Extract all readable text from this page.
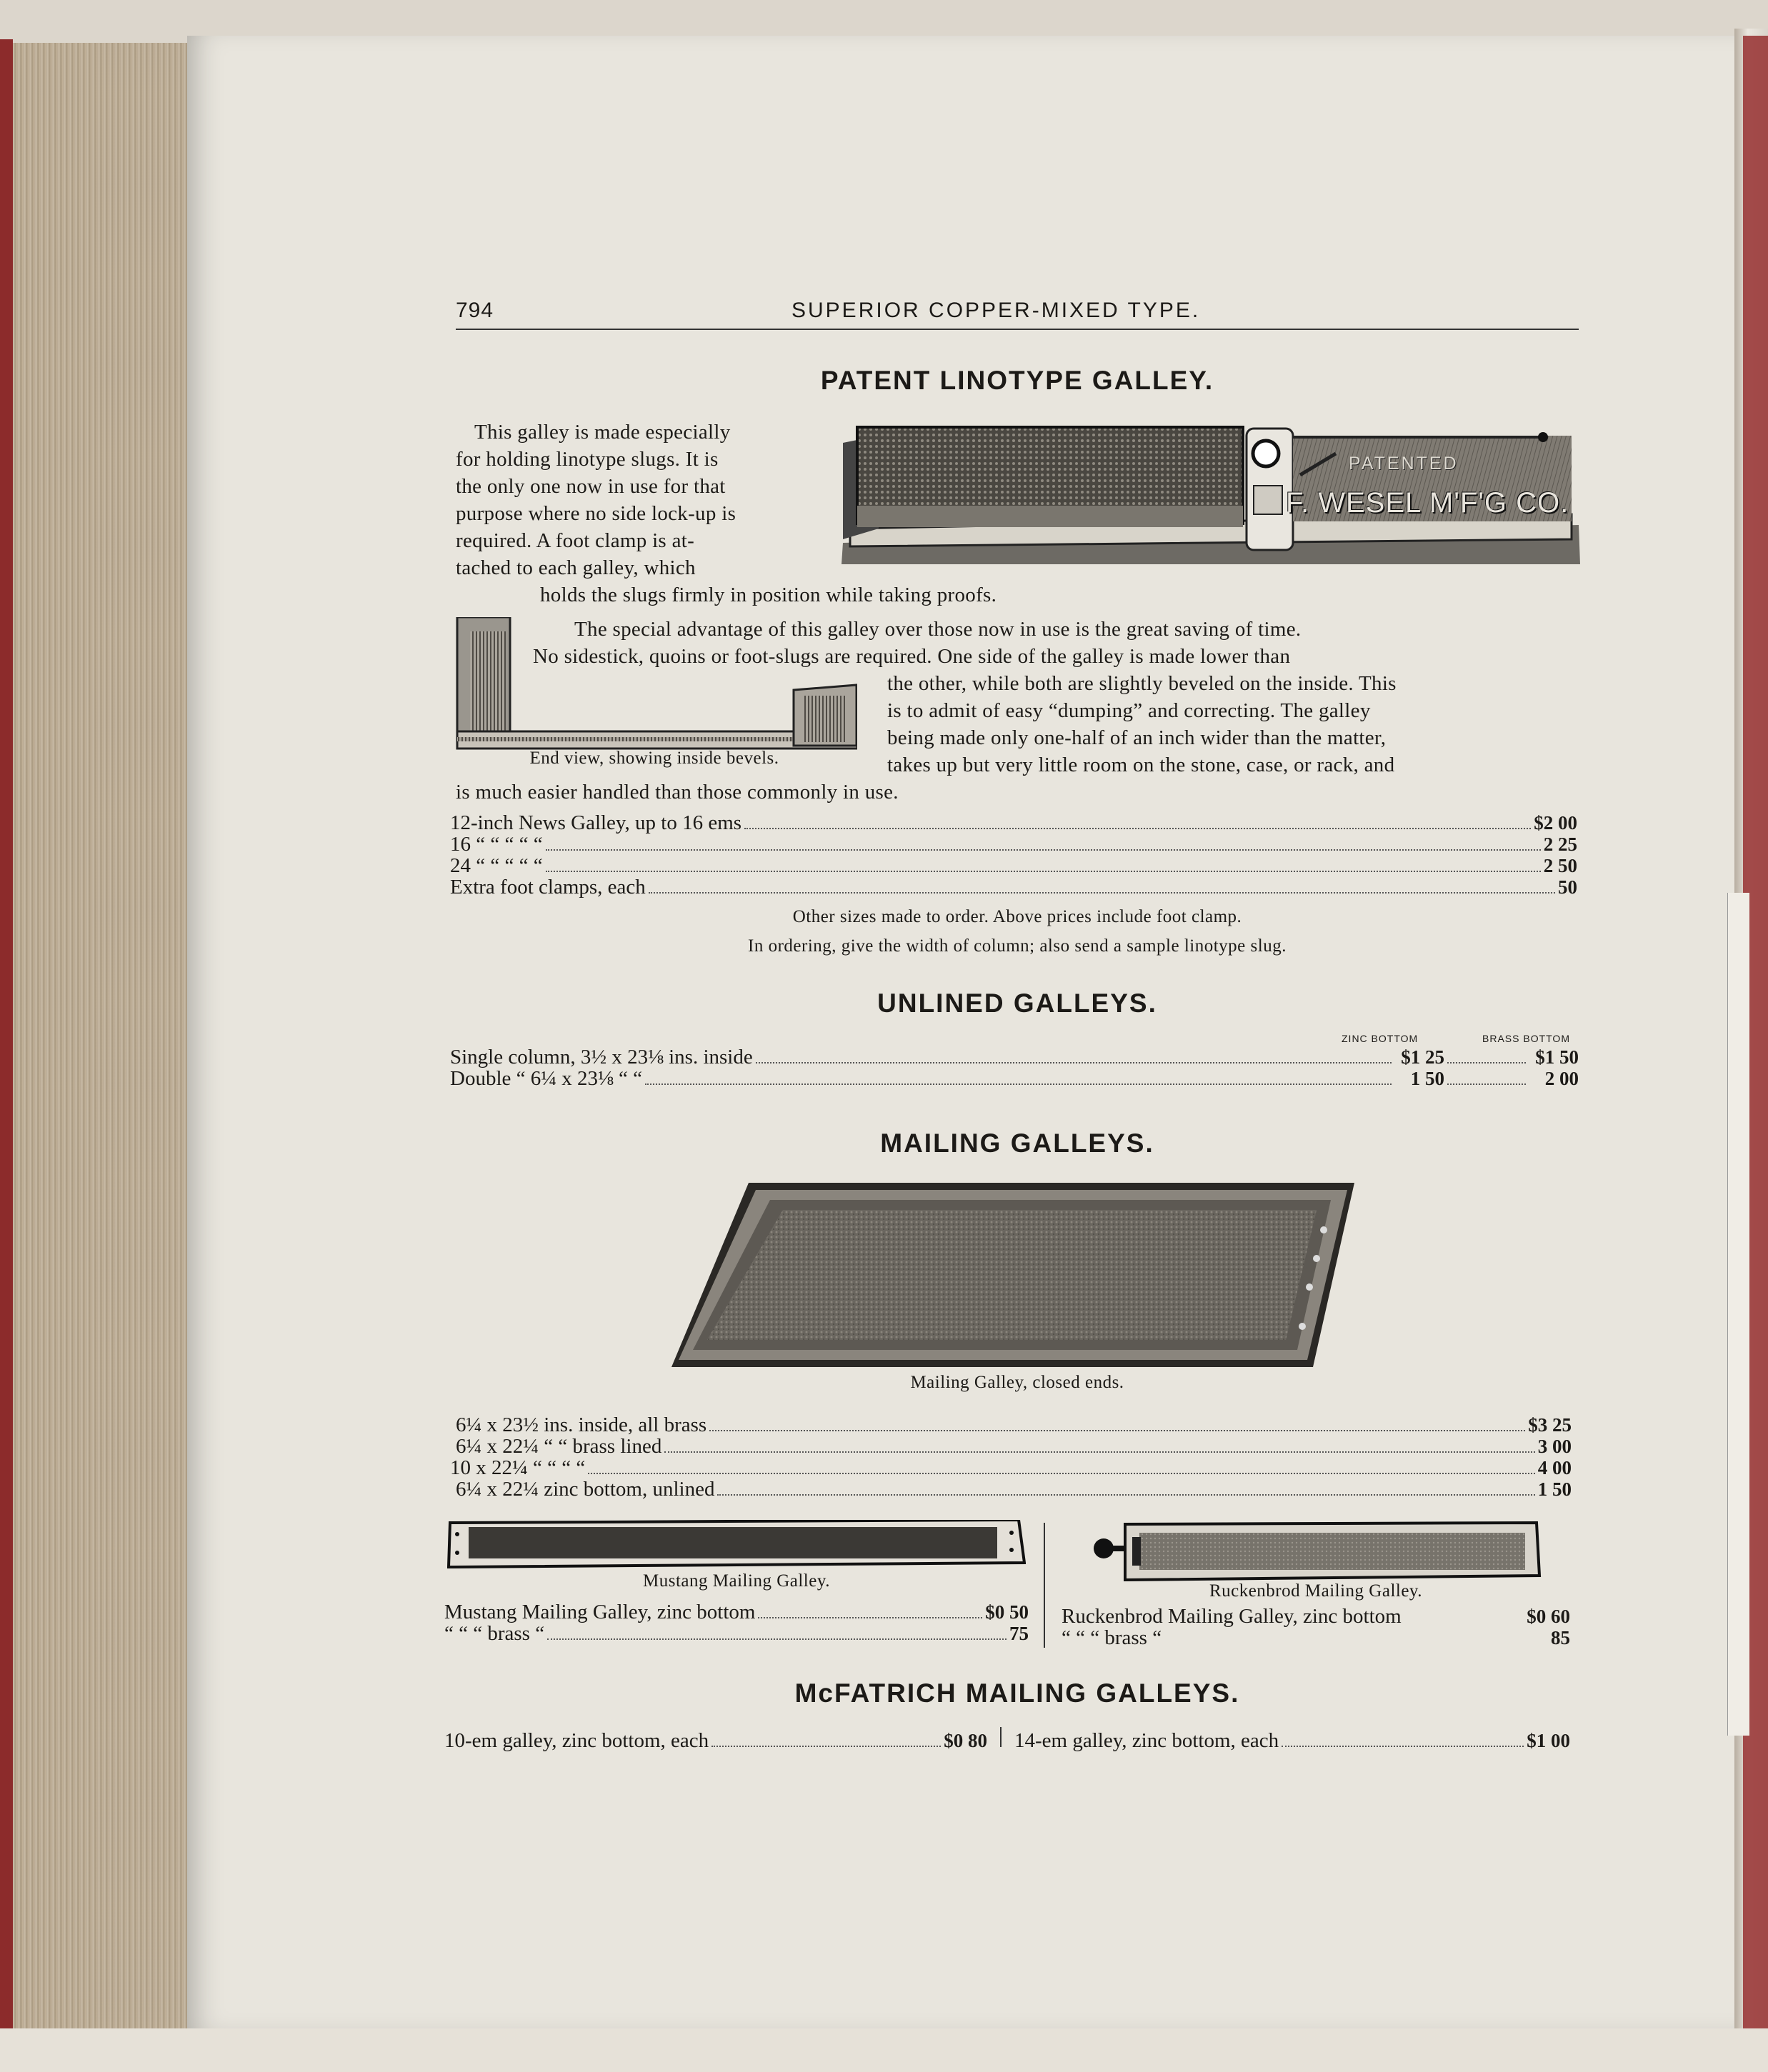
794	SUPERIOR COPPER-MIXED TYPE.
PATENT LINOTYPE GALLEY.
This galley is made especially
for holding linotype slugs. It is
the only one now in use for that
purpose where no side lock-up is
required. A foot clamp is at-
tached to each galley, which
holds the slugs firmly in position while taking proofs.
PATENTED
F. WESEL M'F'G CO.
End view, showing inside bevels.
The special advantage of this galley over those now in use is the great saving of time.
No sidestick, quoins or foot-slugs are required. One side of the galley is made lower than
the other, while both are slightly beveled on the inside. This
is to admit of easy “dumping” and correcting. The galley
being made only one-half of an inch wider than the matter,
takes up but very little room on the stone, case, or rack, and
is much easier handled than those commonly in use.
12-inch News Galley, up to 16 ems	$2 00
16 “ “ “ “ “	2 25
24 “ “ “ “ “	2 50
Extra foot clamps, each	50
Other sizes made to order. Above prices include foot clamp.
In ordering, give the width of column; also send a sample linotype slug.
UNLINED GALLEYS.
ZINC BOTTOM	BRASS BOTTOM
Single column, 3½ x 23⅛ ins. inside	$1 25	$1 50
Double “ 6¼ x 23⅛ “ “	1 50	2 00
MAILING GALLEYS.
Mailing Galley, closed ends.
6¼ x 23½ ins. inside, all brass	$3 25
6¼ x 22¼ “ “ brass lined	3 00
10 x 22¼ “ “ “ “	4 00
6¼ x 22¼ zinc bottom, unlined	1 50
Mustang Mailing Galley.
Mustang Mailing Galley, zinc bottom	$0 50
“ “ “ brass “	75
Ruckenbrod Mailing Galley.
Ruckenbrod Mailing Galley, zinc bottom	$0 60
“ “ “ brass “	85
McFATRICH MAILING GALLEYS.
10-em galley, zinc bottom, each	$0 80 14-em galley, zinc bottom, each	$1 00
